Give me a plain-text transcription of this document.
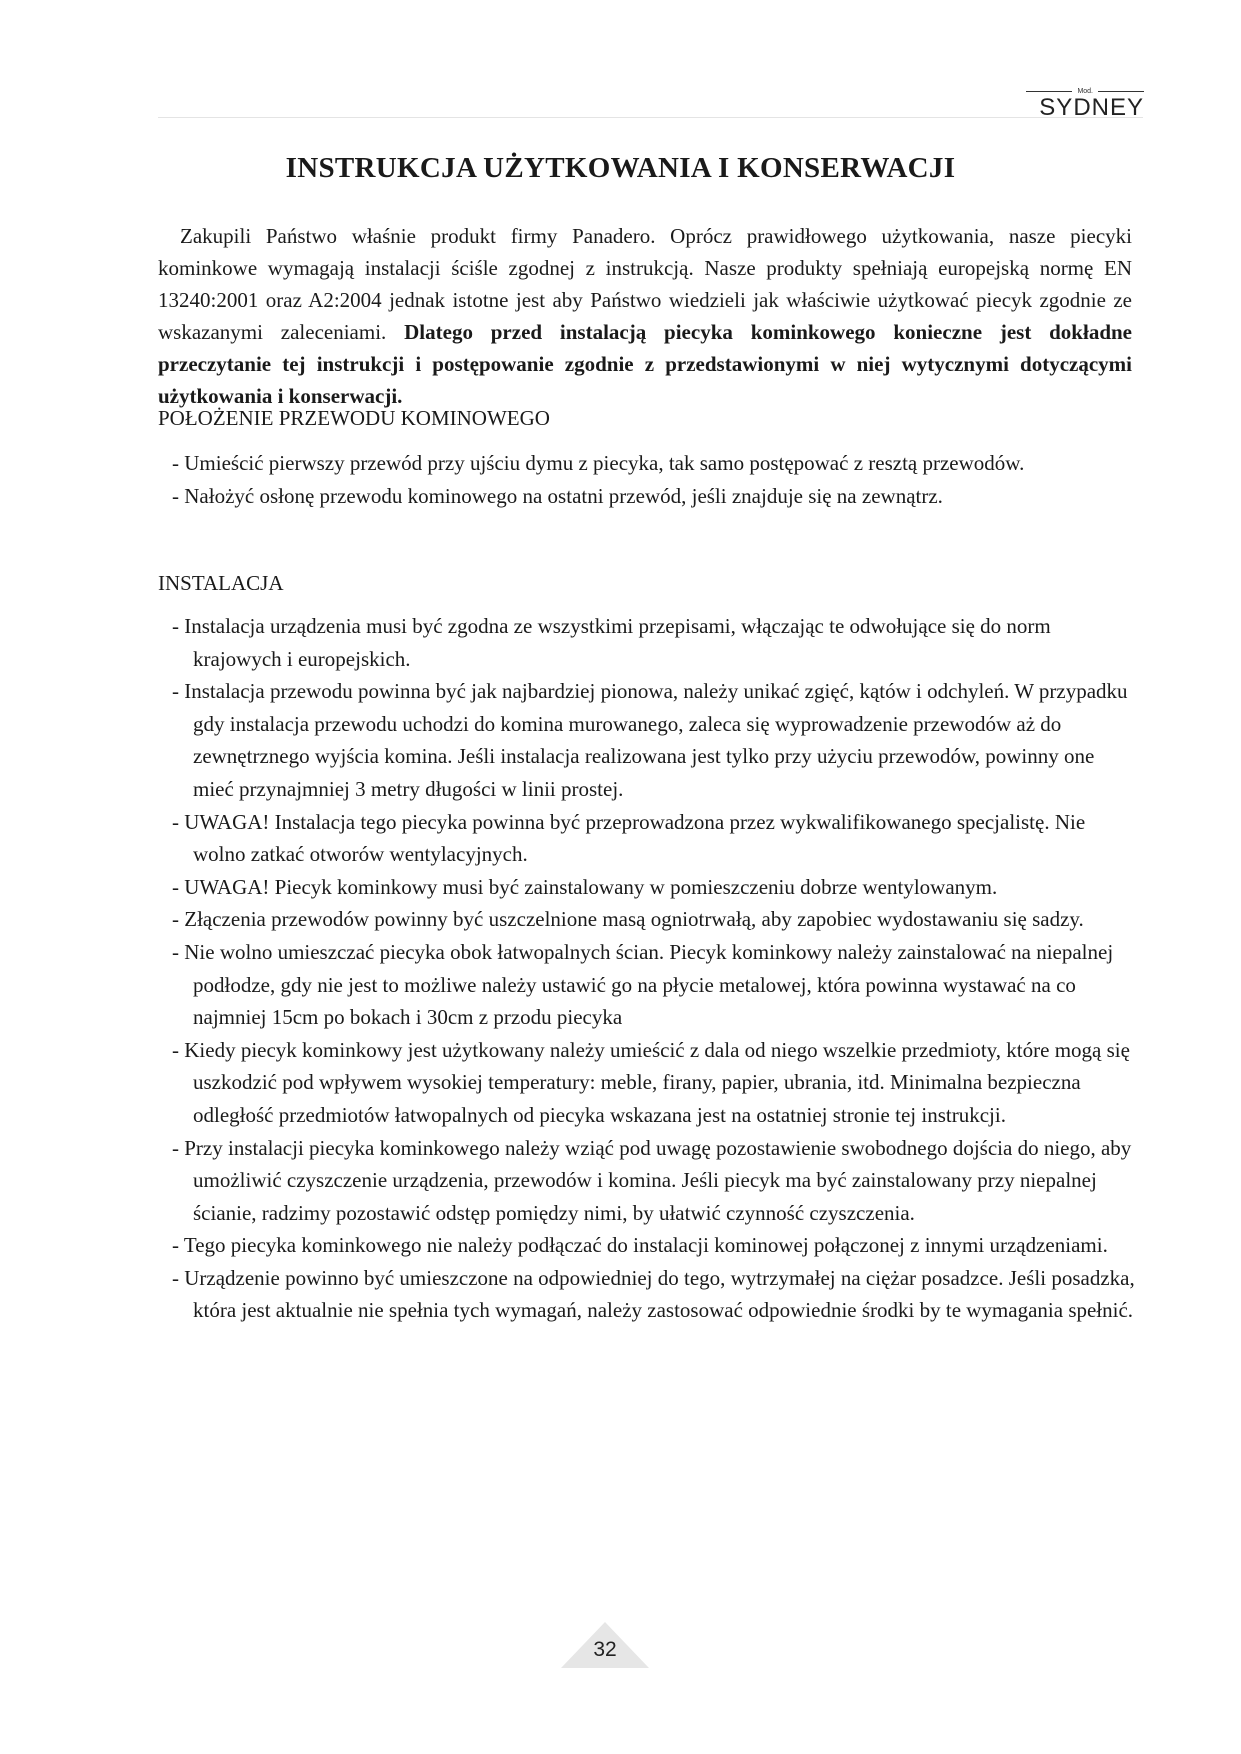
Mod.
SYDNEY
INSTRUKCJA UŻYTKOWANIA I KONSERWACJI

Zakupili Państwo właśnie produkt firmy Panadero. Oprócz prawidłowego użytkowania, nasze piecyki kominkowe wymagają instalacji ściśle zgodnej z instrukcją. Nasze produkty spełniają europejską normę EN 13240:2001 oraz A2:2004 jednak istotne jest aby Państwo wiedzieli jak właściwie użytkować piecyk zgodnie ze wskazanymi zaleceniami. Dlatego przed instalacją piecyka kominkowego konieczne jest dokładne przeczytanie tej instrukcji i postępowanie zgodnie z przedstawionymi w niej wytycznymi dotyczącymi użytkowania i konserwacji.

POŁOŻENIE PRZEWODU KOMINOWEGO
- Umieścić pierwszy przewód przy ujściu dymu z piecyka, tak samo postępować z resztą przewodów.
- Nałożyć osłonę przewodu kominowego na ostatni przewód, jeśli znajduje się na zewnątrz.
INSTALACJA
- Instalacja urządzenia musi być zgodna ze wszystkimi przepisami, włączając te odwołujące się do norm krajowych i europejskich.
- Instalacja przewodu powinna być jak najbardziej pionowa, należy unikać zgięć, kątów i odchyleń. W przypadku gdy instalacja przewodu uchodzi do komina murowanego, zaleca się wyprowadzenie przewodów aż do zewnętrznego wyjścia komina. Jeśli instalacja realizowana jest tylko przy użyciu przewodów, powinny one mieć przynajmniej 3 metry długości w linii prostej.
- UWAGA! Instalacja tego piecyka powinna być przeprowadzona przez wykwalifikowanego specjalistę. Nie wolno zatkać otworów wentylacyjnych.
- UWAGA! Piecyk kominkowy musi być zainstalowany w pomieszczeniu dobrze wentylowanym.
- Złączenia przewodów powinny być uszczelnione masą ogniotrwałą, aby zapobiec wydostawaniu się sadzy.
- Nie wolno umieszczać piecyka obok łatwopalnych ścian. Piecyk kominkowy należy zainstalować na niepalnej podłodze, gdy nie jest to możliwe należy ustawić go na płycie metalowej, która powinna wystawać na co najmniej 15cm po bokach i 30cm z przodu piecyka
- Kiedy piecyk kominkowy jest użytkowany należy umieścić z dala od niego wszelkie przedmioty, które mogą się uszkodzić pod wpływem wysokiej temperatury: meble, firany, papier, ubrania, itd. Minimalna bezpieczna odległość przedmiotów łatwopalnych od piecyka wskazana jest na ostatniej stronie tej instrukcji.
- Przy instalacji piecyka kominkowego należy wziąć pod uwagę pozostawienie swobodnego dojścia do niego, aby umożliwić czyszczenie urządzenia, przewodów i komina. Jeśli piecyk ma być zainstalowany przy niepalnej ścianie, radzimy pozostawić odstęp pomiędzy nimi, by ułatwić czynność czyszczenia.
- Tego piecyka kominkowego nie należy podłączać do instalacji kominowej połączonej z innymi urządzeniami.
- Urządzenie powinno być umieszczone na odpowiedniej do tego, wytrzymałej na ciężar posadzce. Jeśli posadzka, która jest aktualnie nie spełnia tych wymagań, należy zastosować odpowiednie środki by te wymagania spełnić.
32
